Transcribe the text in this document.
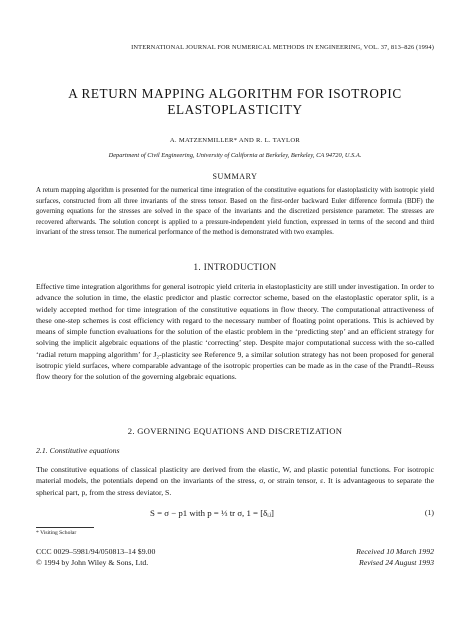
INTERNATIONAL JOURNAL FOR NUMERICAL METHODS IN ENGINEERING, VOL. 37, 813–826 (1994)
A RETURN MAPPING ALGORITHM FOR ISOTROPIC
ELASTOPLASTICITY
A. MATZENMILLER* AND R. L. TAYLOR
Department of Civil Engineering, University of California at Berkeley, Berkeley, CA 94720, U.S.A.
SUMMARY
A return mapping algorithm is presented for the numerical time integration of the constitutive equations for elastoplasticity with isotropic yield surfaces, constructed from all three invariants of the stress tensor. Based on the first-order backward Euler difference formula (BDF) the governing equations for the stresses are solved in the space of the invariants and the discretized persistence parameter. The stresses are recovered afterwards. The solution concept is applied to a pressure-independent yield function, expressed in terms of the second and third invariant of the stress tensor. The numerical performance of the method is demonstrated with two examples.
1. INTRODUCTION
Effective time integration algorithms for general isotropic yield criteria in elastoplasticity are still under investigation. In order to advance the solution in time, the elastic predictor and plastic corrector scheme, based on the elastoplastic operator split, is a widely accepted method for time integration of the constitutive equations in flow theory. The computational attractiveness of these one-step schemes is cost efficiency with regard to the necessary number of floating point operations. This is achieved by means of simple function evaluations for the solution of the elastic problem in the ‘predicting step’ and an efficient strategy for solving the implicit algebraic equations of the plastic ‘correcting’ step. Despite major computational success with the so-called ‘radial return mapping algorithm’ for J₂-plasticity see Reference 9, a similar solution strategy has not been proposed for general isotropic yield surfaces, where comparable advantage of the isotropic properties can be made as in the case of the Prandtl–Reuss flow theory for the solution of the governing algebraic equations.
2. GOVERNING EQUATIONS AND DISCRETIZATION
2.1. Constitutive equations
The constitutive equations of classical plasticity are derived from the elastic, W, and plastic potential functions. For isotropic material models, the potentials depend on the invariants of the stress, σ, or strain tensor, ε. It is advantageous to separate the spherical part, p, from the stress deviator, S.
S = σ − p1 with p = ⅓ tr σ, 1 = [δᵢⱼ]	(1)
* Visiting Scholar
CCC 0029–5981/94/050813–14 $9.00
© 1994 by John Wiley & Sons, Ltd.
Received 10 March 1992
Revised 24 August 1993
